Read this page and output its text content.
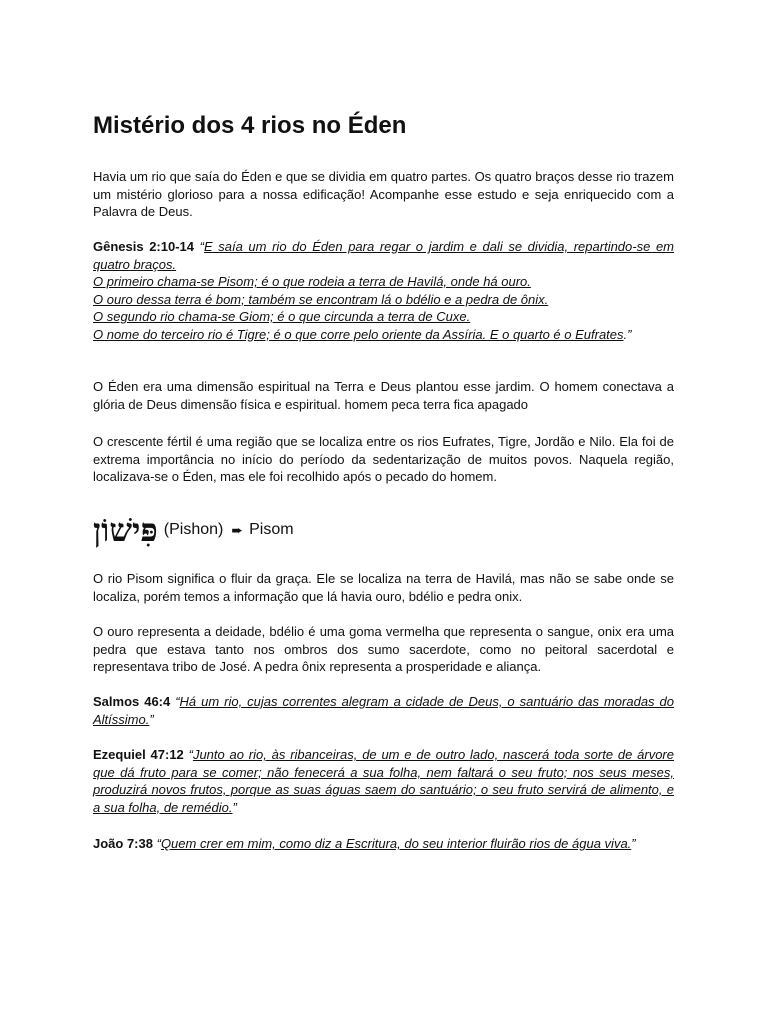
Mistério dos 4 rios no Éden

Havia um rio que saía do Éden e que se dividia em quatro partes. Os quatro braços desse rio trazem um mistério glorioso para a nossa edificação! Acompanhe esse estudo e seja enriquecido com a Palavra de Deus.

Gênesis 2:10-14 “E saía um rio do Éden para regar o jardim e dali se dividia, repartindo-se em quatro braços.
O primeiro chama-se Pisom; é o que rodeia a terra de Havilá, onde há ouro.
O ouro dessa terra é bom; também se encontram lá o bdélio e a pedra de ônix.
O segundo rio chama-se Giom; é o que circunda a terra de Cuxe.
O nome do terceiro rio é Tigre; é o que corre pelo oriente da Assíria. E o quarto é o Eufrates.”

O Éden era uma dimensão espiritual na Terra e Deus plantou esse jardim. O homem conectava a glória de Deus dimensão física e espiritual. homem peca terra fica apagado

O crescente fértil é uma região que se localiza entre os rios Eufrates, Tigre, Jordão e Nilo. Ela foi de extrema importância no início do período da sedentarização de muitos povos. Naquela região, localizava-se o Éden, mas ele foi recolhido após o pecado do homem.

פִּישׁוֹן (Pishon) ➨ Pisom

O rio Pisom significa o fluir da graça. Ele se localiza na terra de Havilá, mas não se sabe onde se localiza, porém temos a informação que lá havia ouro, bdélio e pedra onix.

O ouro representa a deidade, bdélio é uma goma vermelha que representa o sangue, onix era uma pedra que estava tanto nos ombros dos sumo sacerdote, como no peitoral sacerdotal e representava tribo de José. A pedra ônix representa a prosperidade e aliança.

Salmos 46:4 “Há um rio, cujas correntes alegram a cidade de Deus, o santuário das moradas do Altíssimo.”
Ezequiel 47:12 “Junto ao rio, às ribanceiras, de um e de outro lado, nascerá toda sorte de árvore que dá fruto para se comer; não fenecerá a sua folha, nem faltará o seu fruto; nos seus meses, produzirá novos frutos, porque as suas águas saem do santuário; o seu fruto servirá de alimento, e a sua folha, de remédio.”
João 7:38 “Quem crer em mim, como diz a Escritura, do seu interior fluirão rios de água viva.”
